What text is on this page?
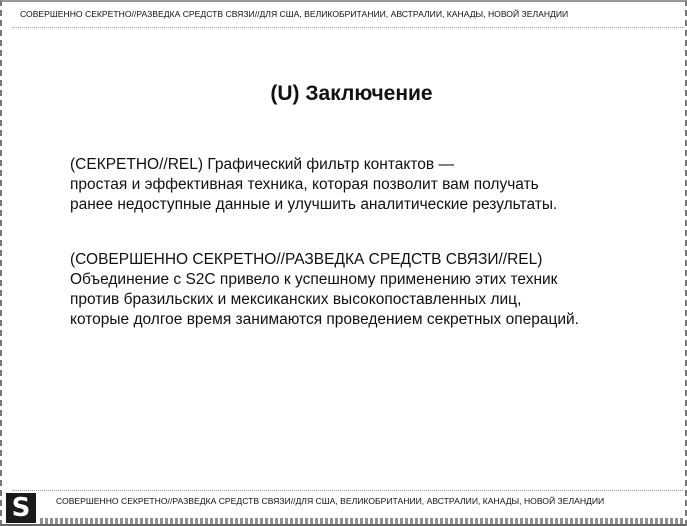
СОВЕРШЕННО СЕКРЕТНО//РАЗВЕДКА СРЕДСТВ СВЯЗИ//ДЛЯ США, ВЕЛИКОБРИТАНИИ, АВСТРАЛИИ, КАНАДЫ, НОВОЙ ЗЕЛАНДИИ
(U) Заключение
(СЕКРЕТНО//REL) Графический фильтр контактов —
простая и эффективная техника, которая позволит вам получать
ранее недоступные данные и улучшить аналитические результаты.
(СОВЕРШЕННО СЕКРЕТНО//РАЗВЕДКА СРЕДСТВ СВЯЗИ//REL)
Объединение с S2C привело к успешному применению этих техник
против бразильских и мексиканских высокопоставленных лиц,
которые долгое время занимаются проведением секретных операций.
S	СОВЕРШЕННО СЕКРЕТНО//РАЗВЕДКА СРЕДСТВ СВЯЗИ//ДЛЯ США, ВЕЛИКОБРИТАНИИ, АВСТРАЛИИ, КАНАДЫ, НОВОЙ ЗЕЛАНДИИ
